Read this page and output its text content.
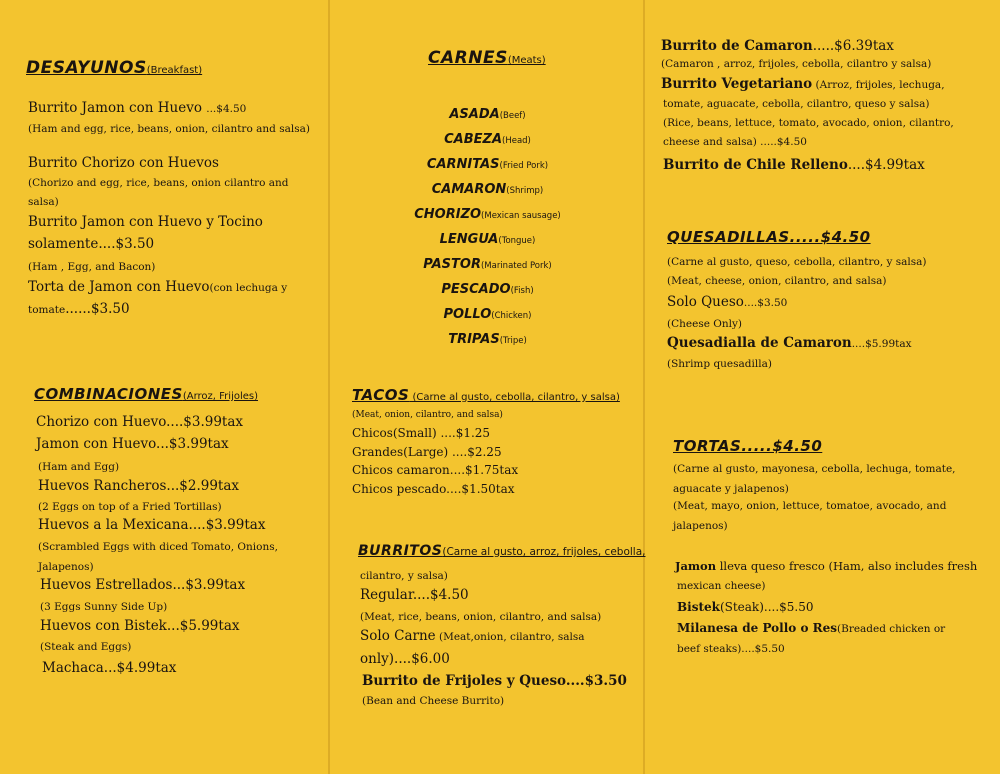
DESAYUNOS(Breakfast)
Burrito Jamon con Huevo ...$4.50
(Ham and egg, rice, beans, onion, cilantro and salsa)
Burrito Chorizo con Huevos
(Chorizo and egg, rice, beans, onion cilantro and
salsa)
Burrito Jamon con Huevo y Tocino
solamente....$3.50
(Ham , Egg, and Bacon)
Torta de Jamon con Huevo(con lechuga y
tomate......$3.50
COMBINACIONES(Arroz, Frijoles)
Chorizo con Huevo....$3.99tax
Jamon con Huevo...$3.99tax
(Ham and Egg)
Huevos Rancheros...$2.99tax
(2 Eggs on top of a Fried Tortillas)
Huevos a la Mexicana....$3.99tax
(Scrambled Eggs with diced Tomato, Onions,
Jalapenos)
Huevos Estrellados...$3.99tax
(3 Eggs Sunny Side Up)
Huevos con Bistek...$5.99tax
(Steak and Eggs)
Machaca...$4.99tax
CARNES(Meats)
ASADA(Beef)
CABEZA(Head)
CARNITAS(Fried Pork)
CAMARON(Shrimp)
CHORIZO(Mexican sausage)
LENGUA(Tongue)
PASTOR(Marinated Pork)
PESCADO(Fish)
POLLO(Chicken)
TRIPAS(Tripe)
TACOS (Carne al gusto, cebolla, cilantro, y salsa)
(Meat, onion, cilantro, and salsa)
Chicos(Small) ....$1.25
Grandes(Large) ....$2.25
Chicos camaron....$1.75tax
Chicos pescado....$1.50tax
BURRITOS(Carne al gusto, arroz, frijoles, cebolla,
cilantro, y salsa)
Regular....$4.50
(Meat, rice, beans, onion, cilantro, and salsa)
Solo Carne (Meat,onion, cilantro, salsa
only)....$6.00
Burrito de Frijoles y Queso....$3.50
(Bean and Cheese Burrito)
Burrito de Camaron.....$6.39tax
(Camaron , arroz, frijoles, cebolla, cilantro y salsa)
Burrito Vegetariano (Arroz, frijoles, lechuga,
tomate, aguacate, cebolla, cilantro, queso y salsa)
(Rice, beans, lettuce, tomato, avocado, onion, cilantro,
cheese and salsa) .....$4.50
Burrito de Chile Relleno....$4.99tax
QUESADILLAS.....$4.50
(Carne al gusto, queso, cebolla, cilantro, y salsa)
(Meat, cheese, onion, cilantro, and salsa)
Solo Queso....$3.50
(Cheese Only)
Quesadialla de Camaron....$5.99tax
(Shrimp quesadilla)
TORTAS.....$4.50
(Carne al gusto, mayonesa, cebolla, lechuga, tomate,
aguacate y jalapenos)
(Meat, mayo, onion, lettuce, tomatoe, avocado, and
jalapenos)
Jamon lleva queso fresco (Ham, also includes fresh
mexican cheese)
Bistek(Steak)....$5.50
Milanesa de Pollo o Res(Breaded chicken or
beef steaks)....$5.50
